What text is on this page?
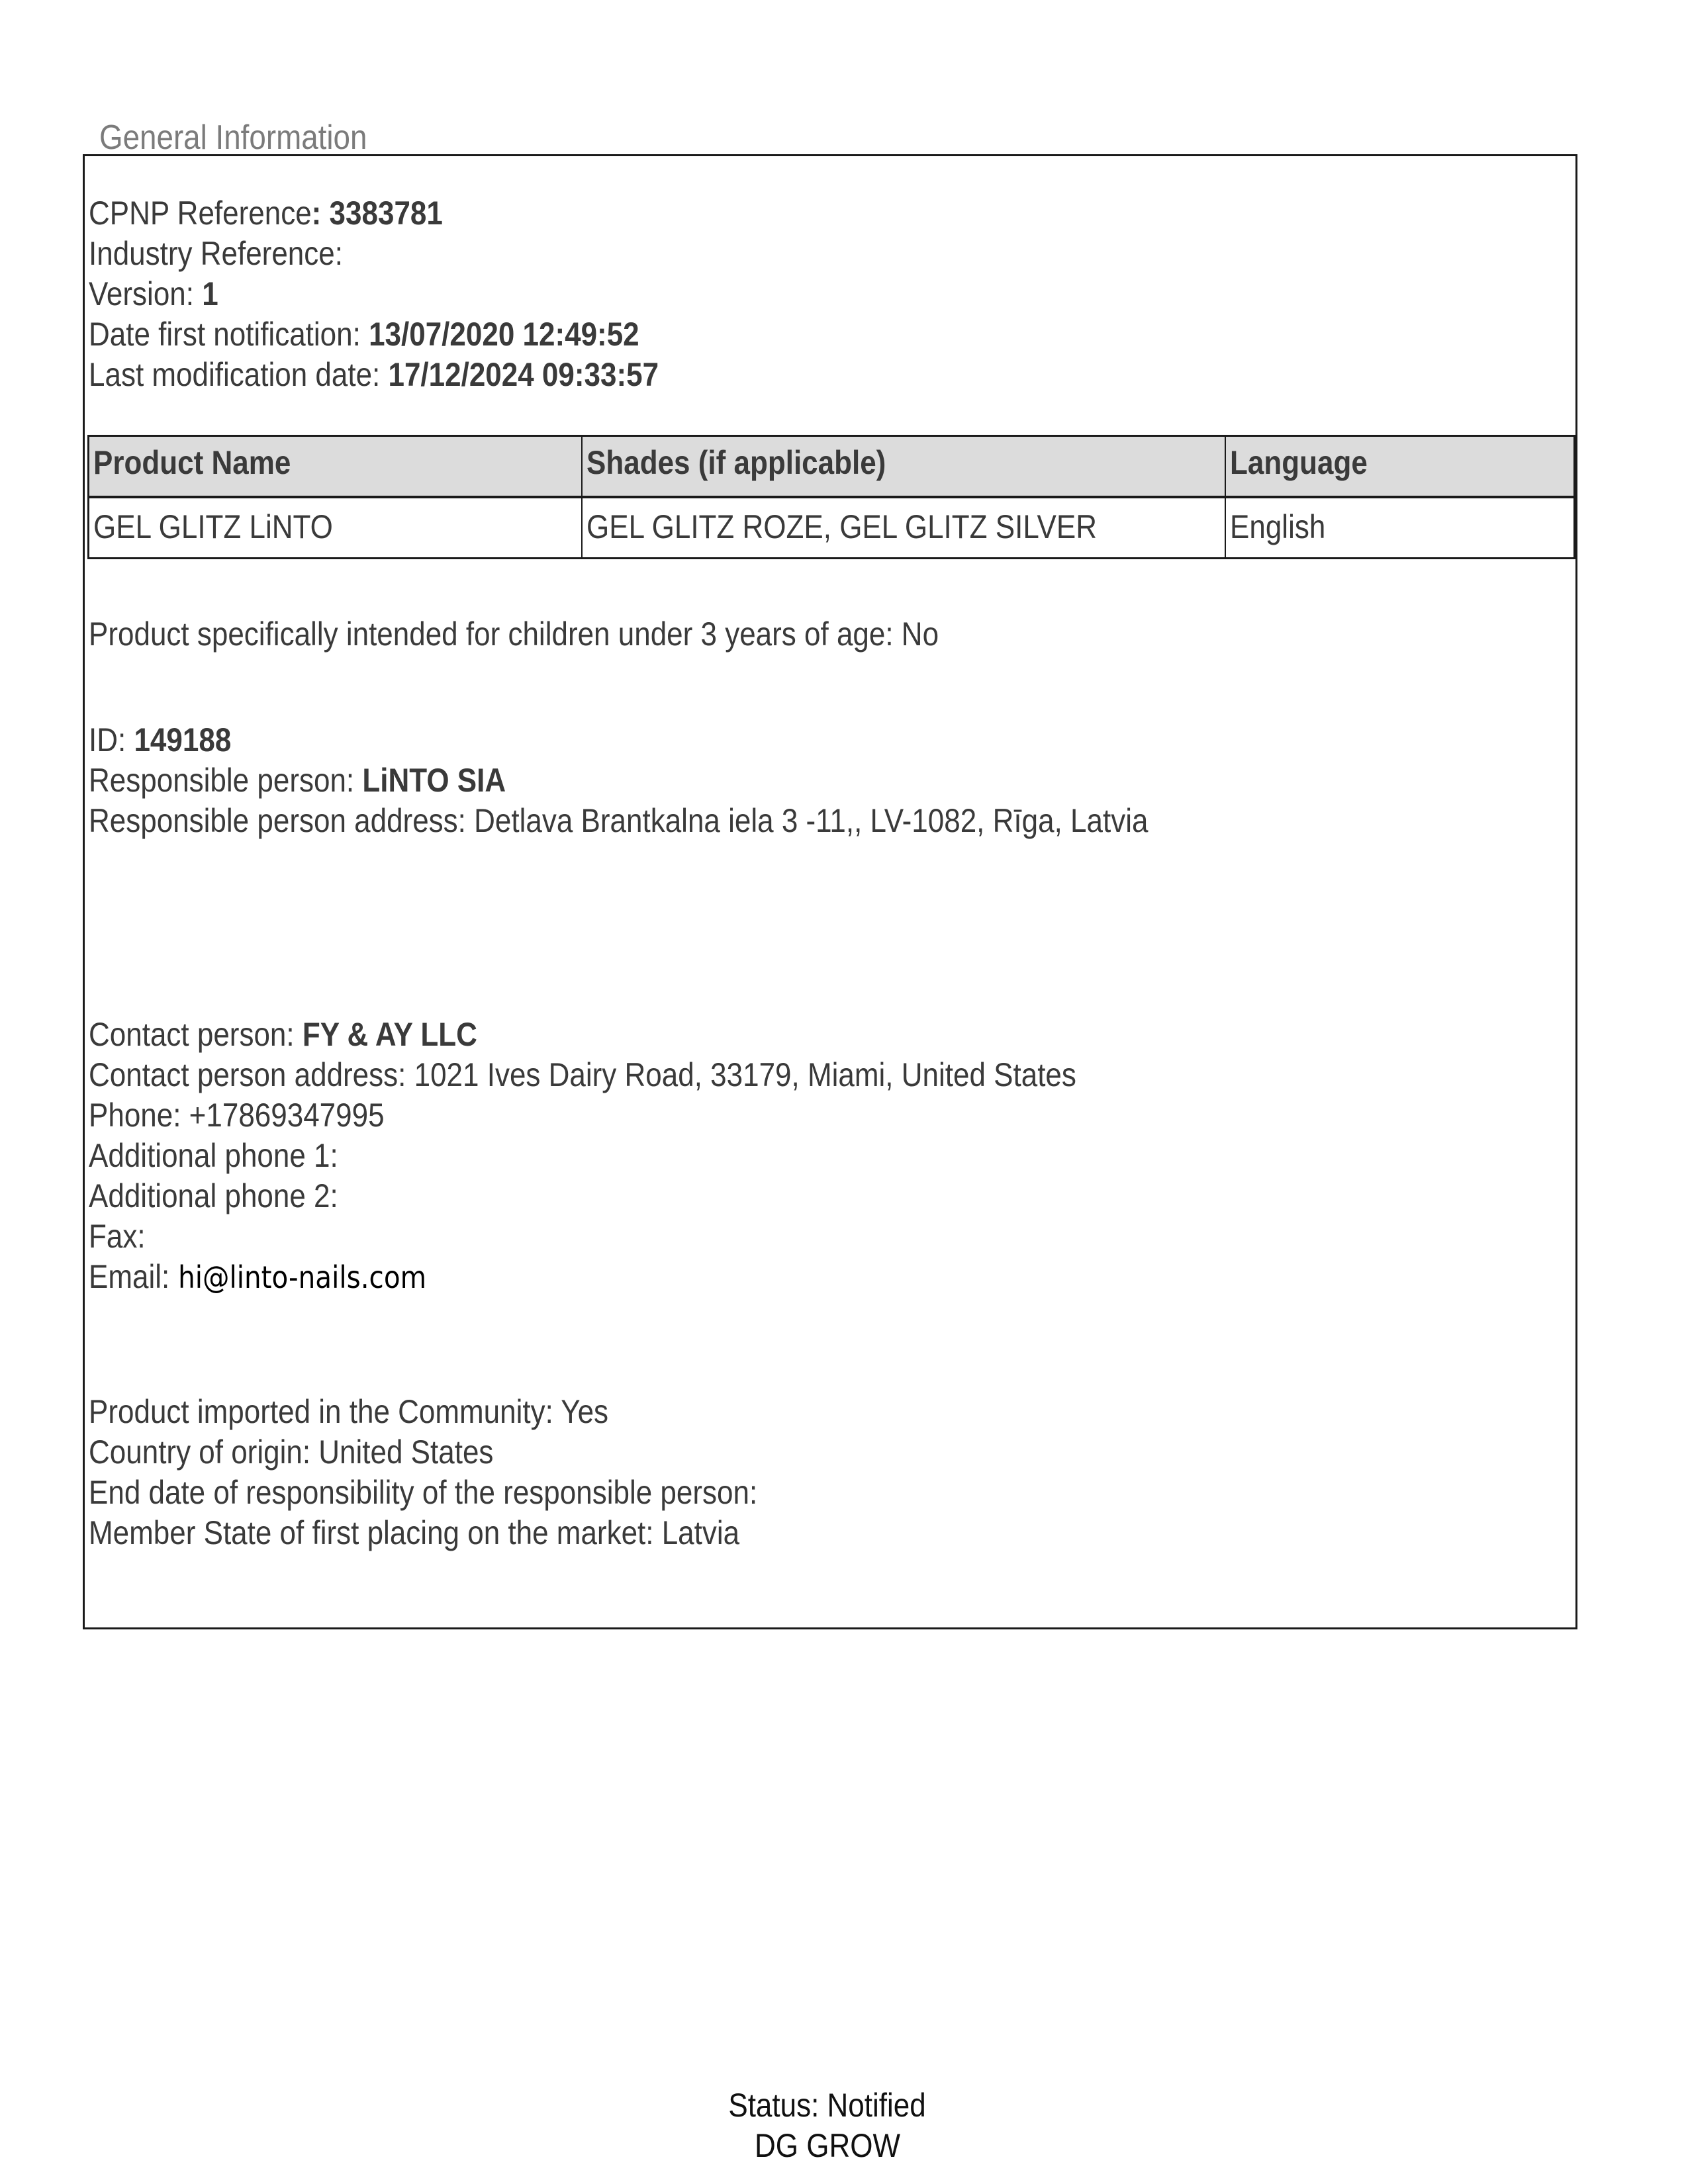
General Information
CPNP Reference: 3383781
Industry Reference:
Version: 1
Date first notification: 13/07/2020 12:49:52
Last modification date: 17/12/2024 09:33:57
Product Name	Shades (if applicable)	Language
GEL GLITZ LiNTO	GEL GLITZ ROZE, GEL GLITZ SILVER	English
Product specifically intended for children under 3 years of age: No
ID: 149188
Responsible person: LiNTO SIA
Responsible person address: Detlava Brantkalna iela 3 -11,, LV-1082, Rīga, Latvia
Contact person: FY & AY LLC
Contact person address: 1021 Ives Dairy Road, 33179, Miami, United States
Phone: +17869347995
Additional phone 1:
Additional phone 2:
Fax:
Email: hi@linto-nails.com
Product imported in the Community: Yes
Country of origin: United States
End date of responsibility of the responsible person:
Member State of first placing on the market: Latvia
Status: Notified
DG GROW
